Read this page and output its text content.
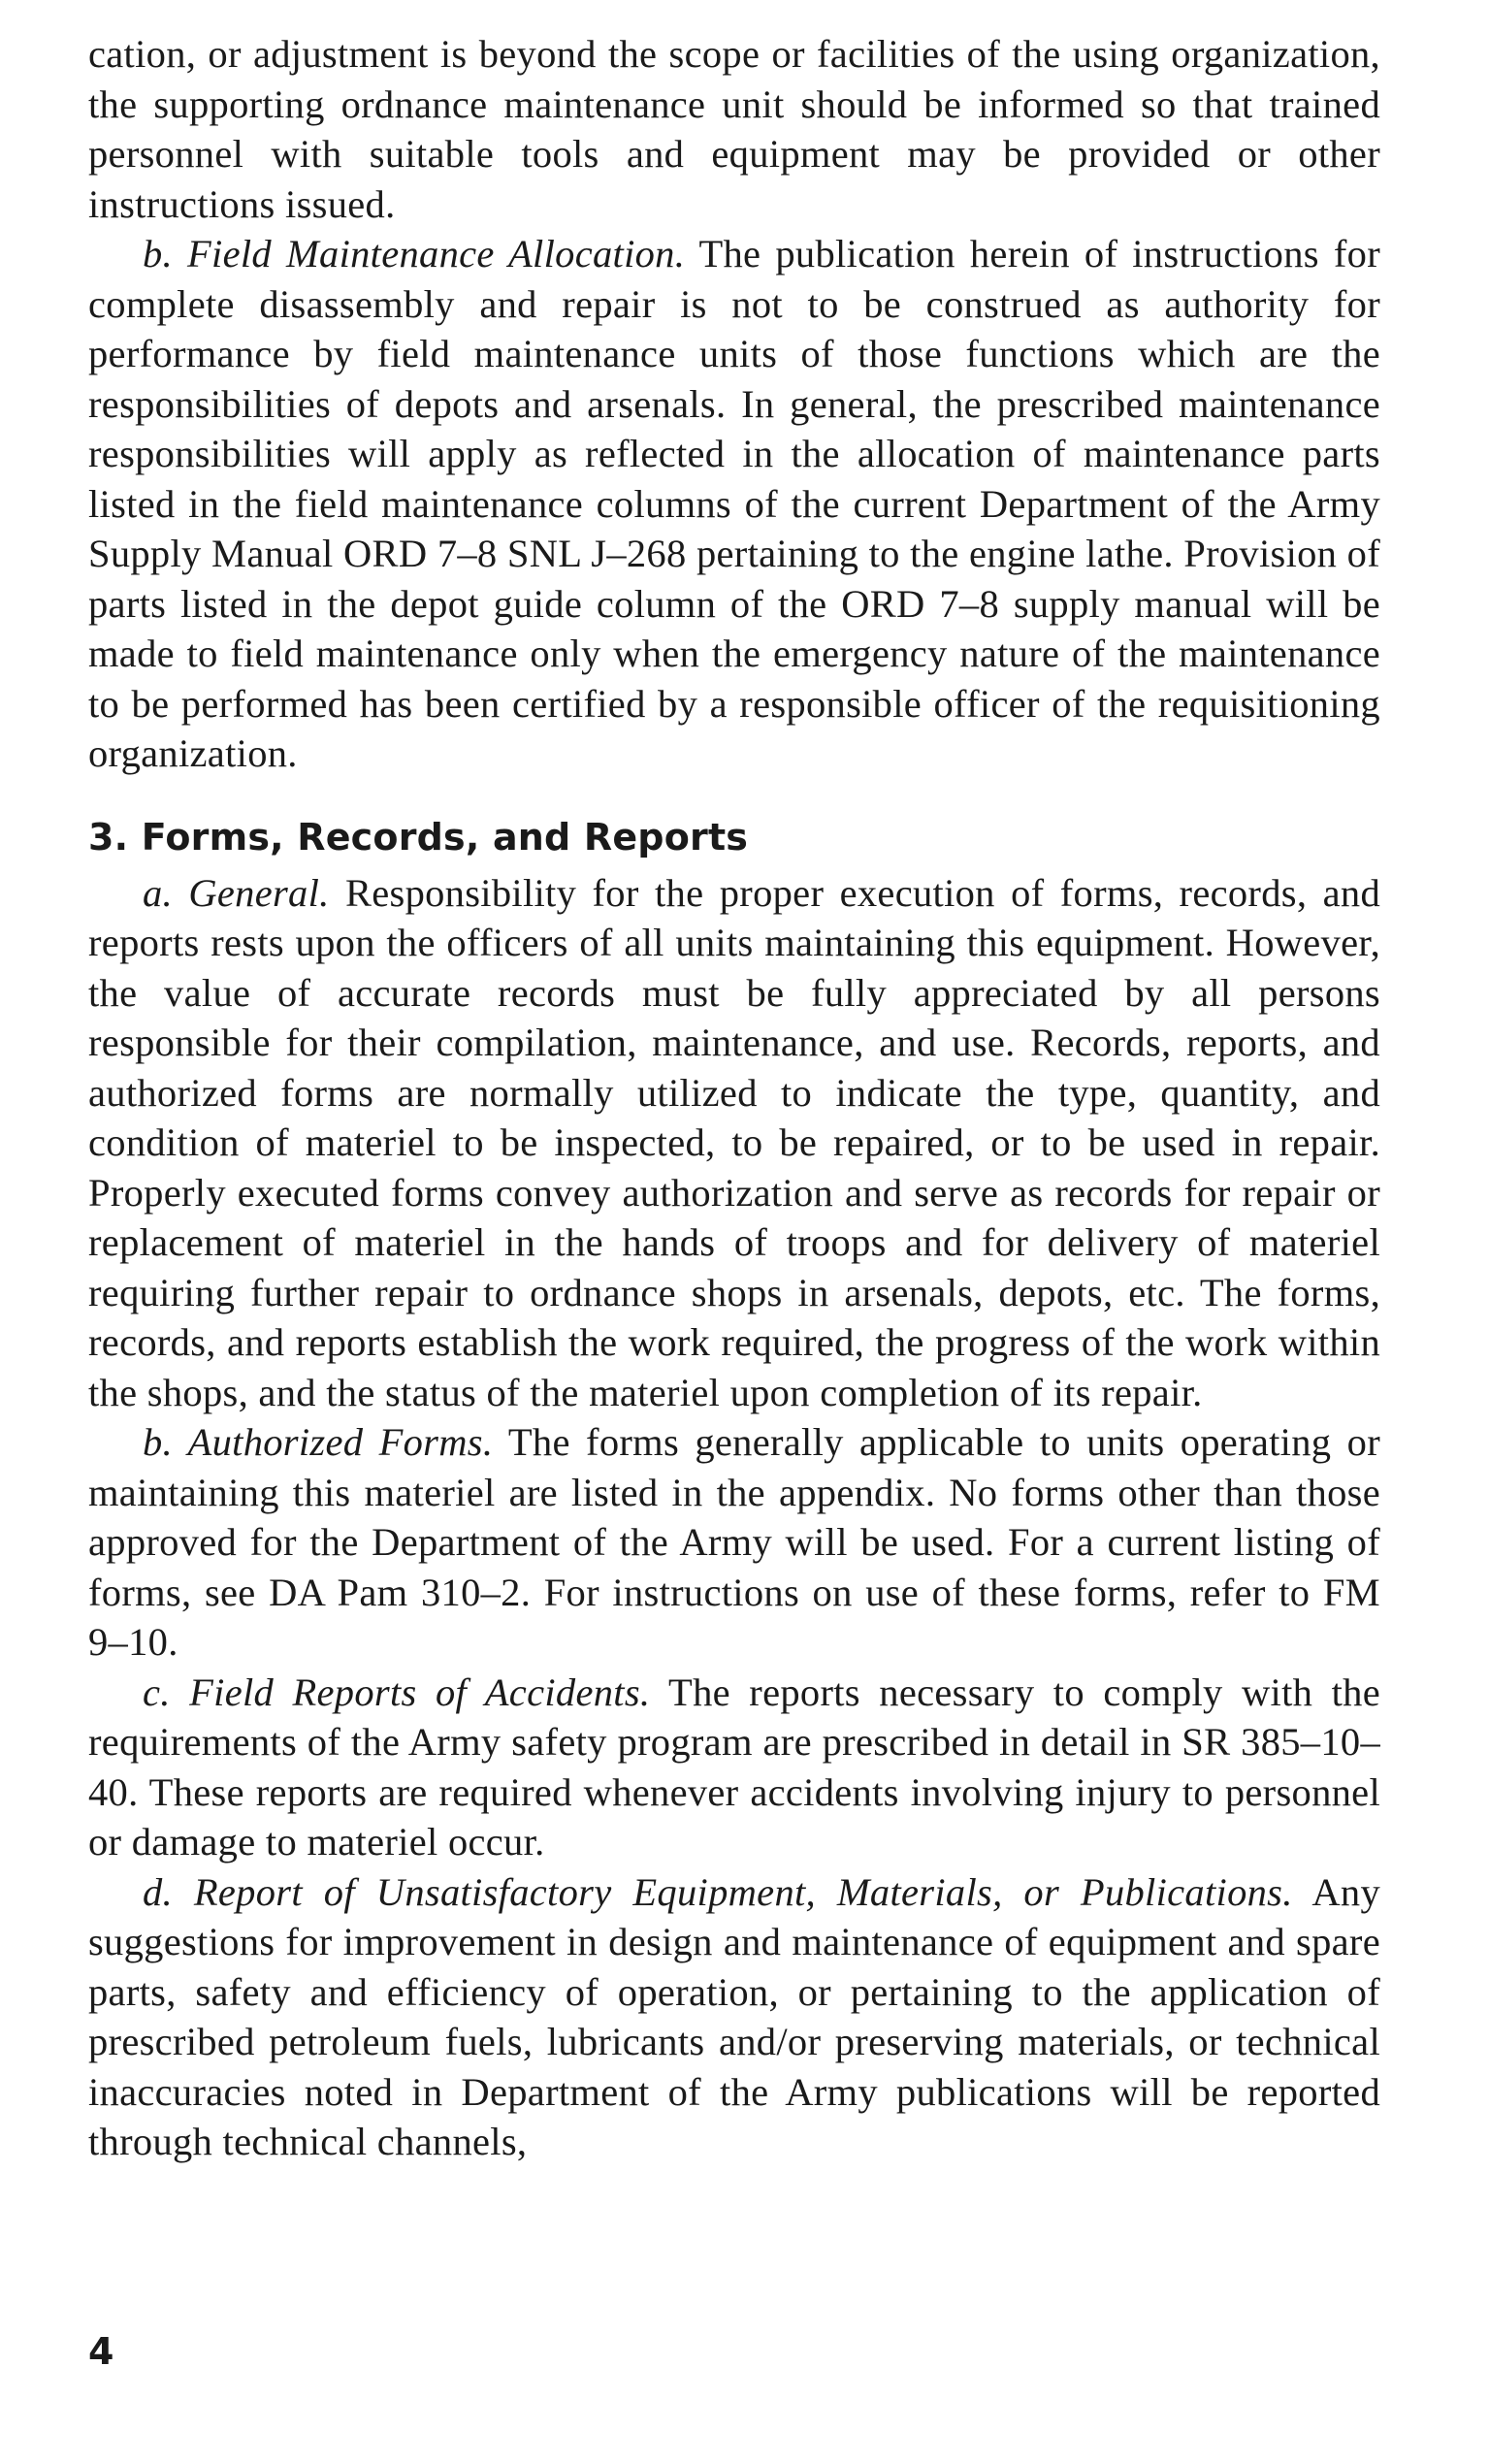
cation, or adjustment is beyond the scope or facilities of the using organization, the supporting ordnance maintenance unit should be informed so that trained personnel with suitable tools and equipment may be provided or other instructions issued.

b. Field Maintenance Allocation. The publication herein of instructions for complete disassembly and repair is not to be construed as authority for performance by field maintenance units of those functions which are the responsibilities of depots and arsenals. In general, the prescribed maintenance responsibilities will apply as reflected in the allocation of maintenance parts listed in the field maintenance columns of the current Department of the Army Supply Manual ORD 7–8 SNL J–268 pertaining to the engine lathe. Provision of parts listed in the depot guide column of the ORD 7–8 supply manual will be made to field maintenance only when the emergency nature of the maintenance to be performed has been certified by a responsible officer of the requisitioning organization.

3. Forms, Records, and Reports

a. General. Responsibility for the proper execution of forms, records, and reports rests upon the officers of all units maintaining this equipment. However, the value of accurate records must be fully appreciated by all persons responsible for their compilation, maintenance, and use. Records, reports, and authorized forms are normally utilized to indicate the type, quantity, and condition of materiel to be inspected, to be repaired, or to be used in repair. Properly executed forms convey authorization and serve as records for repair or replacement of materiel in the hands of troops and for delivery of materiel requiring further repair to ordnance shops in arsenals, depots, etc. The forms, records, and reports establish the work required, the progress of the work within the shops, and the status of the materiel upon completion of its repair.

b. Authorized Forms. The forms generally applicable to units operating or maintaining this materiel are listed in the appendix. No forms other than those approved for the Department of the Army will be used. For a current listing of forms, see DA Pam 310–2. For instructions on use of these forms, refer to FM 9–10.

c. Field Reports of Accidents. The reports necessary to comply with the requirements of the Army safety program are prescribed in detail in SR 385–10–40. These reports are required whenever accidents involving injury to personnel or damage to materiel occur.

d. Report of Unsatisfactory Equipment, Materials, or Publications. Any suggestions for improvement in design and maintenance of equipment and spare parts, safety and efficiency of operation, or pertaining to the application of prescribed petroleum fuels, lubricants and/or preserving materials, or technical inaccuracies noted in Department of the Army publications will be reported through technical channels,

4
